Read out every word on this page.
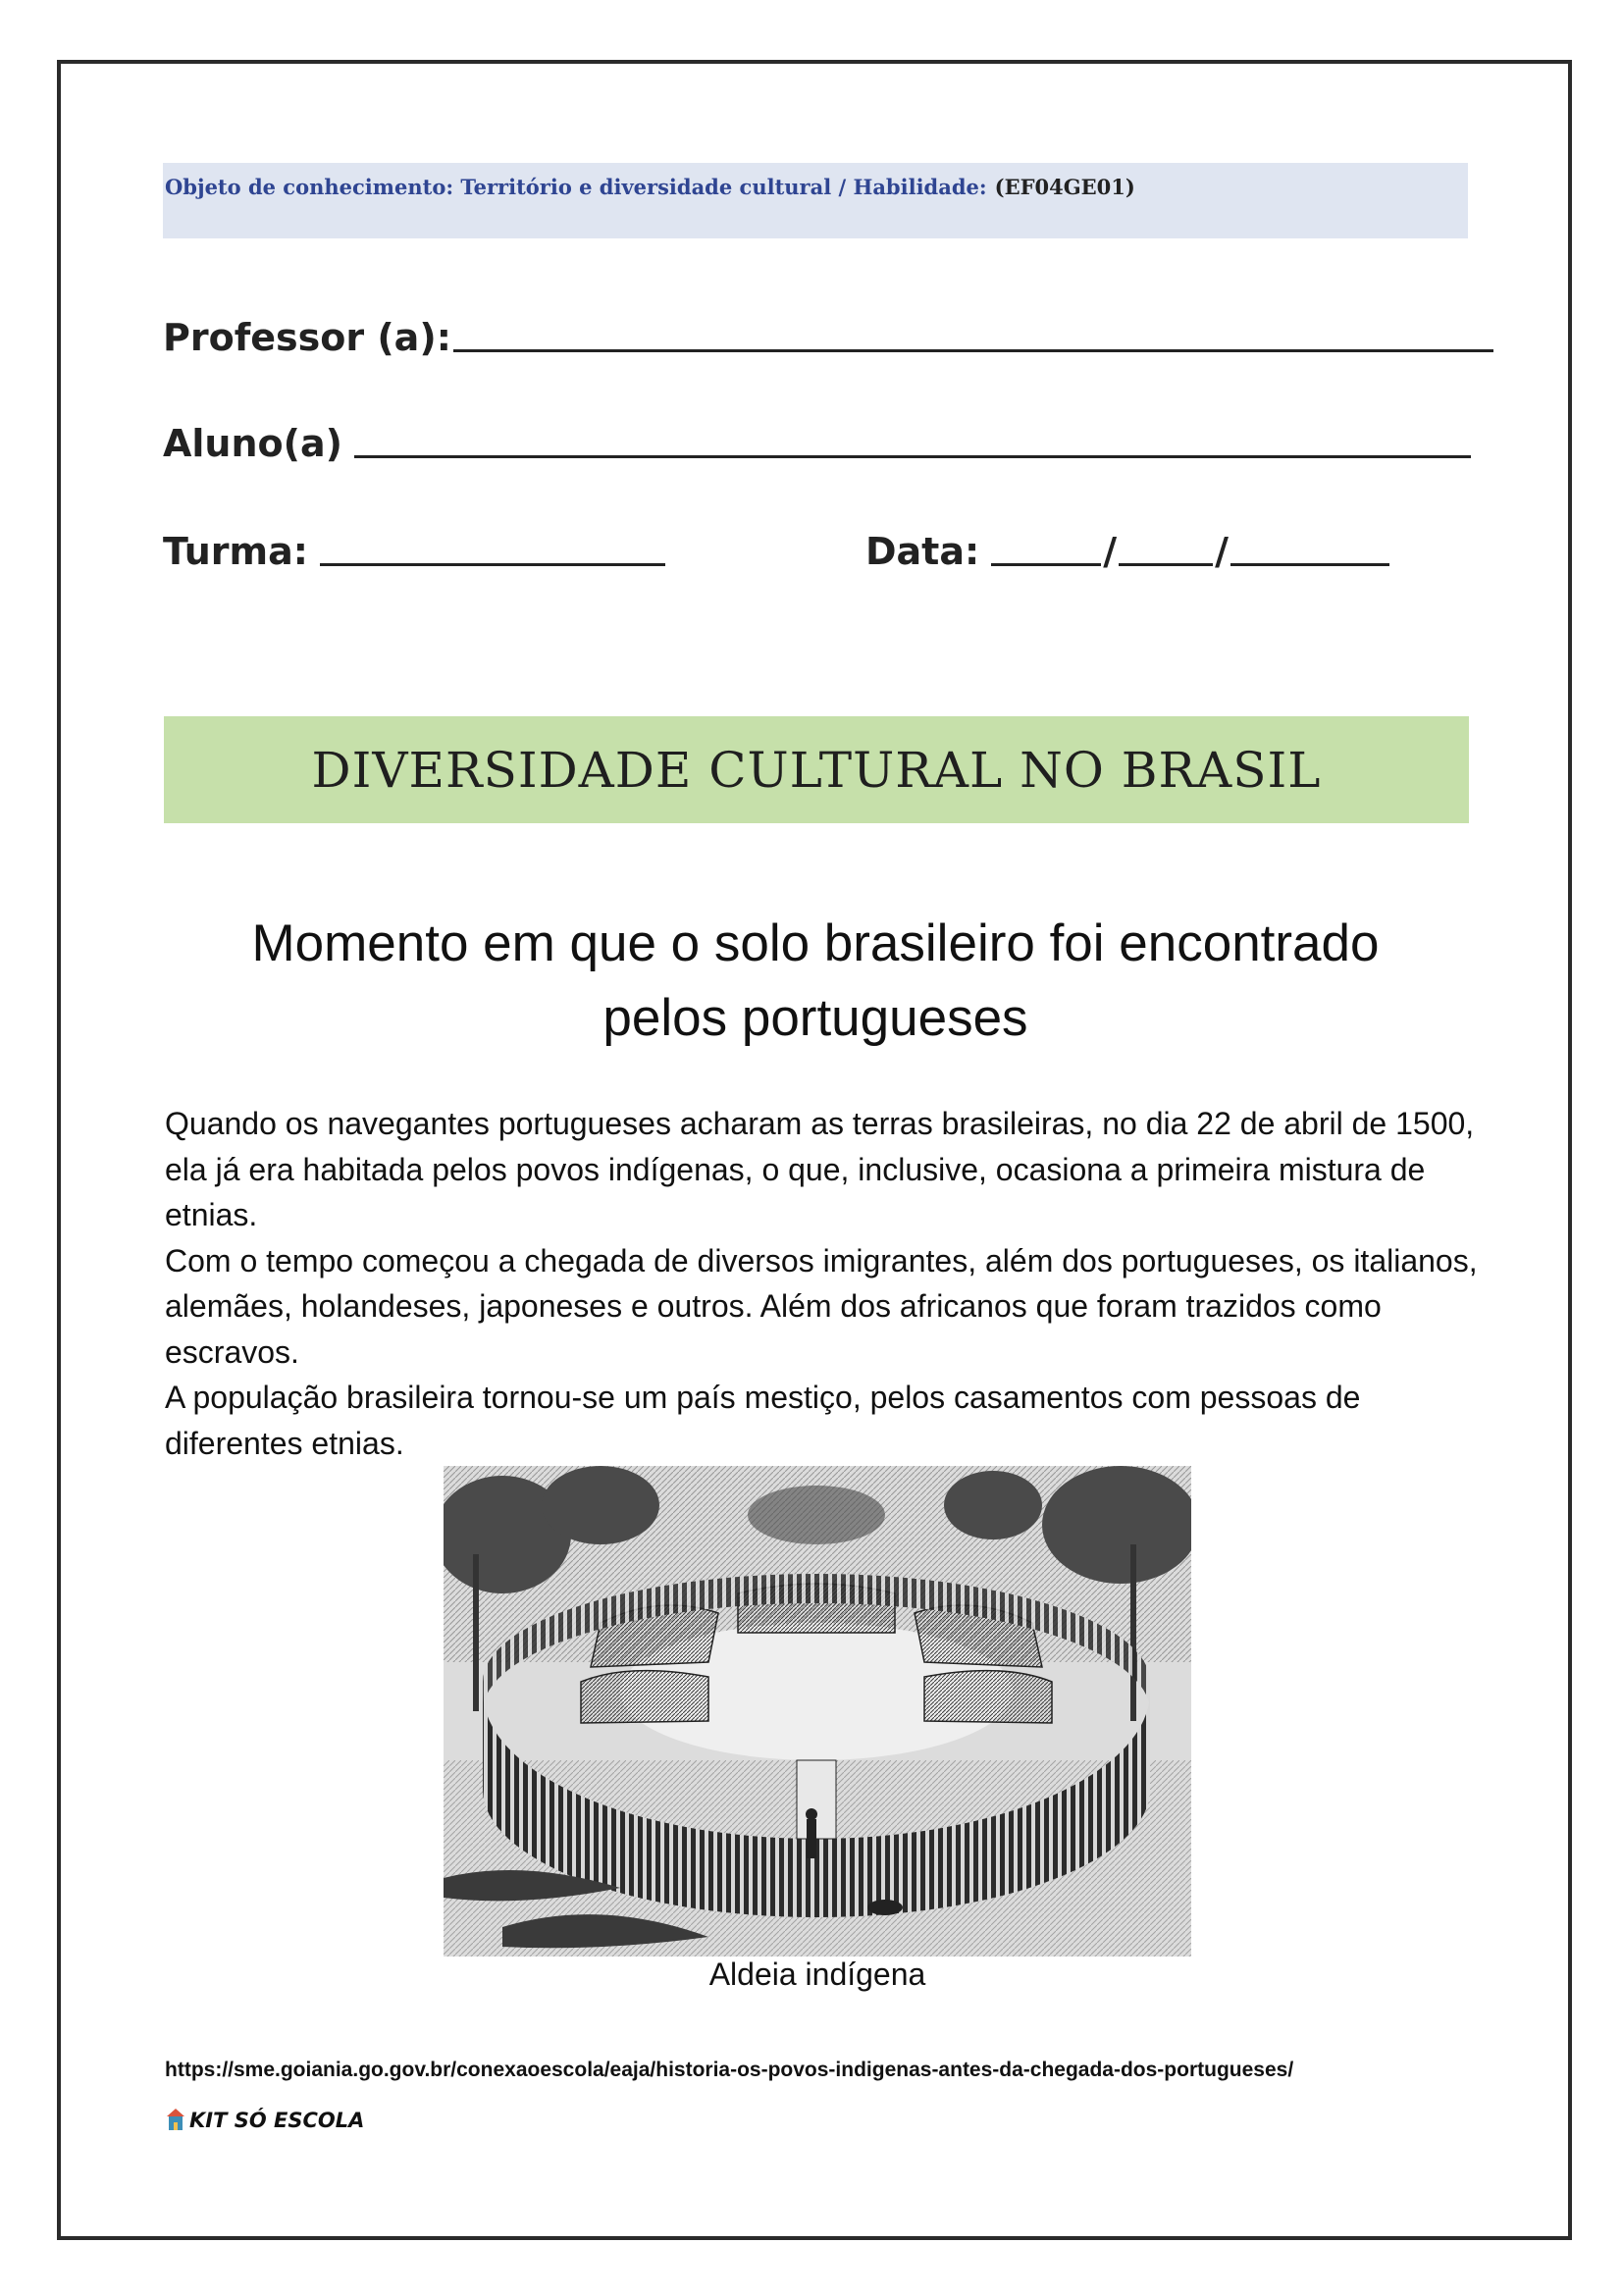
Objeto de conhecimento: Território e diversidade cultural / Habilidade: (EF04GE01)
Professor (a):
Aluno(a)
Turma:	Data:	/	/
DIVERSIDADE CULTURAL NO BRASIL
Momento em que o solo brasileiro foi encontrado
pelos portugueses

Quando os navegantes portugueses acharam as terras brasileiras, no dia 22 de abril de 1500, ela já era habitada pelos povos indígenas, o que, inclusive, ocasiona a primeira mistura de etnias.

Com o tempo começou a chegada de diversos imigrantes, além dos portugueses, os italianos, alemães, holandeses, japoneses e outros. Além dos africanos que foram trazidos como escravos.

A população brasileira tornou-se um país mestiço, pelos casamentos com pessoas de diferentes etnias.

Aldeia indígena
https://sme.goiania.go.gov.br/conexaoescola/eaja/historia-os-povos-indigenas-antes-da-chegada-dos-portugueses/
KIT SÓ ESCOLA
